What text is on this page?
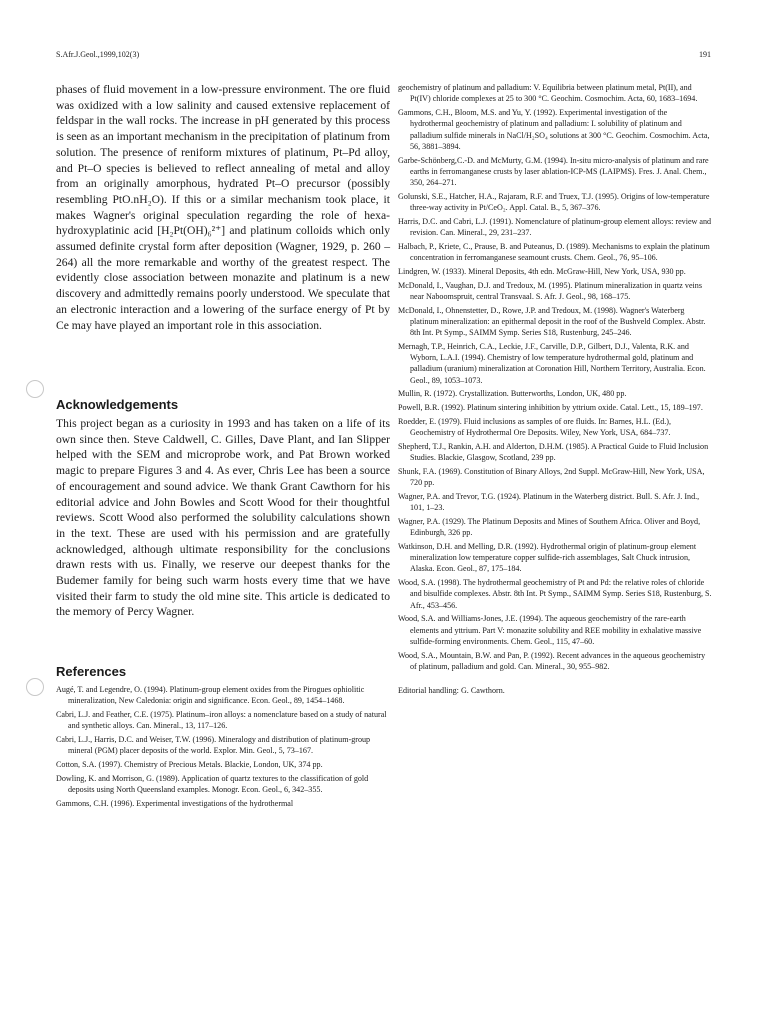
S.Afr.J.Geol.,1999,102(3)	191

phases of fluid movement in a low-pressure environment. The ore fluid was oxidized with a low salinity and caused extensive replacement of feldspar in the wall rocks. The increase in pH generated by this process is seen as an important mechanism in the precipitation of platinum from solution. The presence of reniform mixtures of platinum, Pt–Pd alloy, and Pt–O species is believed to reflect annealing of metal and alloy from an originally amorphous, hydrated Pt–O precursor (possibly resembling PtO.nH₂O). If this or a similar mechanism took place, it makes Wagner's original speculation regarding the role of hexa-hydroxyplatinic acid [H₂Pt(OH)₆²⁺] and platinum colloids which only assumed definite crystal form after deposition (Wagner, 1929, p. 260 – 264) all the more remarkable and worthy of the greatest respect. The evidently close association between monazite and platinum is a new discovery and admittedly remains poorly understood. We speculate that an electronic interaction and a lowering of the surface energy of Pt by Ce may have played an important role in this association.

Acknowledgements

This project began as a curiosity in 1993 and has taken on a life of its own since then. Steve Caldwell, C. Gilles, Dave Plant, and Ian Slipper helped with the SEM and microprobe work, and Pat Brown worked magic to prepare Figures 3 and 4. As ever, Chris Lee has been a source of encouragement and sound advice. We thank Grant Cawthorn for his editorial advice and John Bowles and Scott Wood for their thoughtful reviews. Scott Wood also performed the solubility calculations shown in the text. These are used with his permission and are gratefully acknowledged, although ultimate responsibility for the conclusions drawn rests with us. Finally, we reserve our deepest thanks for the Budemer family for being such warm hosts every time that we have visited their farm to study the old mine site. This article is dedicated to the memory of Percy Wagner.

References
Augé, T. and Legendre, O. (1994). Platinum-group element oxides from the Pirogues ophiolitic mineralization, New Caledonia: origin and significance. Econ. Geol., 89, 1454–1468.
Cabri, L.J. and Feather, C.E. (1975). Platinum–iron alloys: a nomenclature based on a study of natural and synthetic alloys. Can. Mineral., 13, 117–126.
Cabri, L.J., Harris, D.C. and Weiser, T.W. (1996). Mineralogy and distribution of platinum-group mineral (PGM) placer deposits of the world. Explor. Min. Geol., 5, 73–167.
Cotton, S.A. (1997). Chemistry of Precious Metals. Blackie, London, UK, 374 pp.
Dowling, K. and Morrison, G. (1989). Application of quartz textures to the classification of gold deposits using North Queensland examples. Monogr. Econ. Geol., 6, 342–355.
Gammons, C.H. (1996). Experimental investigations of the hydrothermal
geochemistry of platinum and palladium: V. Equilibria between platinum metal, Pt(II), and Pt(IV) chloride complexes at 25 to 300 °C. Geochim. Cosmochim. Acta, 60, 1683–1694.
Gammons, C.H., Bloom, M.S. and Yu, Y. (1992). Experimental investigation of the hydrothermal geochemistry of platinum and palladium: I. solubility of platinum and palladium sulfide minerals in NaCl/H₂SO₄ solutions at 300 °C. Geochim. Cosmochim. Acta, 56, 3881–3894.
Garbe-Schönberg,C.-D. and McMurty, G.M. (1994). In-situ micro-analysis of platinum and rare earths in ferromanganese crusts by laser ablation-ICP-MS (LAIPMS). Fres. J. Anal. Chem., 350, 264–271.
Golunski, S.E., Hatcher, H.A., Rajaram, R.F. and Truex, T.J. (1995). Origins of low-temperature three-way activity in Pt/CeO₂. Appl. Catal. B., 5, 367–376.
Harris, D.C. and Cabri, L.J. (1991). Nomenclature of platinum-group element alloys: review and revision. Can. Mineral., 29, 231–237.
Halbach, P., Kriete, C., Prause, B. and Puteanus, D. (1989). Mechanisms to explain the platinum concentration in ferromanganese seamount crusts. Chem. Geol., 76, 95–106.
Lindgren, W. (1933). Mineral Deposits, 4th edn. McGraw-Hill, New York, USA, 930 pp.
McDonald, I., Vaughan, D.J. and Tredoux, M. (1995). Platinum mineralization in quartz veins near Naboomspruit, central Transvaal. S. Afr. J. Geol., 98, 168–175.
McDonald, I., Ohnenstetter, D., Rowe, J.P. and Tredoux, M. (1998). Wagner's Waterberg platinum mineralization: an epithermal deposit in the roof of the Bushveld Complex. Abstr. 8th Int. Pt Symp., SAIMM Symp. Series S18, Rustenburg, 245–246.
Mernagh, T.P., Heinrich, C.A., Leckie, J.F., Carville, D.P., Gilbert, D.J., Valenta, R.K. and Wyborn, L.A.I. (1994). Chemistry of low temperature hydrothermal gold, platinum and palladium (uranium) mineralization at Coronation Hill, Northern Territory, Australia. Econ. Geol., 89, 1053–1073.
Mullin, R. (1972). Crystallization. Butterworths, London, UK, 480 pp.
Powell, B.R. (1992). Platinum sintering inhibition by yttrium oxide. Catal. Lett., 15, 189–197.
Roedder, E. (1979). Fluid inclusions as samples of ore fluids. In: Barnes, H.L. (Ed.), Geochemistry of Hydrothermal Ore Deposits. Wiley, New York, USA, 684–737.
Shepherd, T.J., Rankin, A.H. and Alderton, D.H.M. (1985). A Practical Guide to Fluid Inclusion Studies. Blackie, Glasgow, Scotland, 239 pp.
Shunk, F.A. (1969). Constitution of Binary Alloys, 2nd Suppl. McGraw-Hill, New York, USA, 720 pp.
Wagner, P.A. and Trevor, T.G. (1924). Platinum in the Waterberg district. Bull. S. Afr. J. Ind., 101, 1–23.
Wagner, P.A. (1929). The Platinum Deposits and Mines of Southern Africa. Oliver and Boyd, Edinburgh, 326 pp.
Watkinson, D.H. and Melling, D.R. (1992). Hydrothermal origin of platinum-group element mineralization low temperature copper sulfide-rich assemblages, Salt Chuck intrusion, Alaska. Econ. Geol., 87, 175–184.
Wood, S.A. (1998). The hydrothermal geochemistry of Pt and Pd: the relative roles of chloride and bisulfide complexes. Abstr. 8th Int. Pt Symp., SAIMM Symp. Series S18, Rustenburg, S. Afr., 453–456.
Wood, S.A. and Williams-Jones, J.E. (1994). The aqueous geochemistry of the rare-earth elements and yttrium. Part V: monazite solubility and REE mobility in exhalative massive sulfide-forming environments. Chem. Geol., 115, 47–60.
Wood, S.A., Mountain, B.W. and Pan, P. (1992). Recent advances in the aqueous geochemistry of platinum, palladium and gold. Can. Mineral., 30, 955–982.
Editorial handling: G. Cawthorn.
